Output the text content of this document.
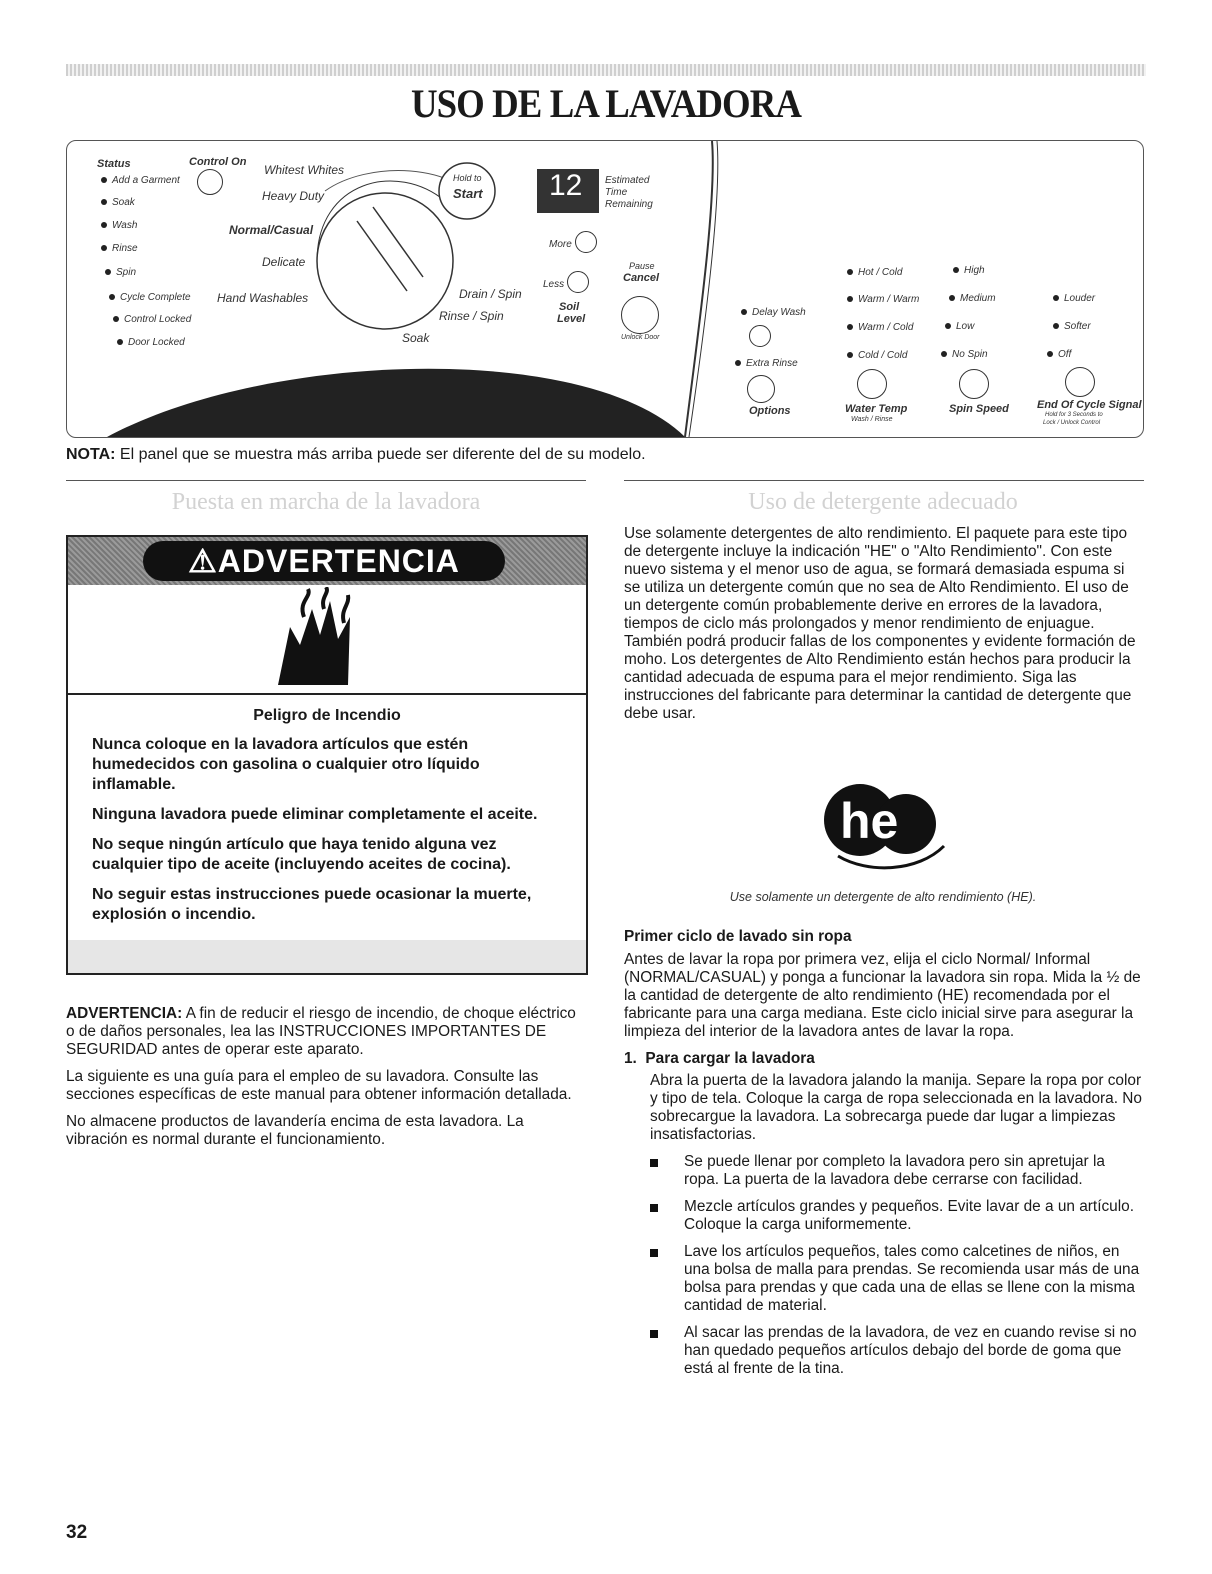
USO DE LA LAVADORA
Status
Add a Garment
Soak
Wash
Rinse
Spin
Cycle Complete
Control Locked
Door Locked
Control On
Whitest Whites
Heavy Duty
Normal/Casual
Delicate
Hand Washables	Drain / Spin
Rinse / Spin
Soak
Hold to
Start 12 Estimated
Time
Remaining
More
Less
Soil
Level
Pause
Cancel
Unlock Door
Delay Wash
Extra Rinse
Options
Hot / Cold
Warm / Warm
Warm / Cold
Cold / Cold
Water Temp
Wash / Rinse
High
Medium
Low
No Spin
Spin Speed
Louder
Softer
Off
End Of Cycle Signal
Hold for 3 Seconds to
Lock / Unlock Control
NOTA: El panel que se muestra más arriba puede ser diferente del de su modelo.
Puesta en marcha de la lavadora
⚠ADVERTENCIA
Peligro de Incendio

Nunca coloque en la lavadora artículos que estén humedecidos con gasolina o cualquier otro líquido inflamable.

Ninguna lavadora puede eliminar completamente el aceite.

No seque ningún artículo que haya tenido alguna vez cualquier tipo de aceite (incluyendo aceites de cocina).

No seguir estas instrucciones puede ocasionar la muerte, explosión o incendio.

ADVERTENCIA: A fin de reducir el riesgo de incendio, de choque eléctrico o de daños personales, lea las INSTRUCCIONES IMPORTANTES DE SEGURIDAD antes de operar este aparato.

La siguiente es una guía para el empleo de su lavadora. Consulte las secciones específicas de este manual para obtener información detallada.

No almacene productos de lavandería encima de esta lavadora. La vibración es normal durante el funcionamiento.

Uso de detergente adecuado

Use solamente detergentes de alto rendimiento. El paquete para este tipo de detergente incluye la indicación "HE" o "Alto Rendimiento". Con este nuevo sistema y el menor uso de agua, se formará demasiada espuma si se utiliza un detergente común que no sea de Alto Rendimiento. El uso de un detergente común probablemente derive en errores de la lavadora, tiempos de ciclo más prolongados y menor rendimiento de enjuague. También podrá producir fallas de los componentes y evidente formación de moho. Los detergentes de Alto Rendimiento están hechos para producir la cantidad adecuada de espuma para el mejor rendimiento. Siga las instrucciones del fabricante para determinar la cantidad de detergente que debe usar.

he
Use solamente un detergente de alto rendimiento (HE).

Primer ciclo de lavado sin ropa

Antes de lavar la ropa por primera vez, elija el ciclo Normal/ Informal (NORMAL/CASUAL) y ponga a funcionar la lavadora sin ropa. Mida la ½ de la cantidad de detergente de alto rendimiento (HE) recomendada por el fabricante para una carga mediana. Este ciclo inicial sirve para asegurar la limpieza del interior de la lavadora antes de lavar la ropa.

1. Para cargar la lavadora

Abra la puerta de la lavadora jalando la manija. Separe la ropa por color y tipo de tela. Coloque la carga de ropa seleccionada en la lavadora. No sobrecargue la lavadora. La sobrecarga puede dar lugar a limpiezas insatisfactorias.

Se puede llenar por completo la lavadora pero sin apretujar la ropa. La puerta de la lavadora debe cerrarse con facilidad.
Mezcle artículos grandes y pequeños. Evite lavar de a un artículo. Coloque la carga uniformemente.
Lave los artículos pequeños, tales como calcetines de niños, en una bolsa de malla para prendas. Se recomienda usar más de una bolsa para prendas y que cada una de ellas se llene con la misma cantidad de material.
Al sacar las prendas de la lavadora, de vez en cuando revise si no han quedado pequeños artículos debajo del borde de goma que está al frente de la tina.
32
